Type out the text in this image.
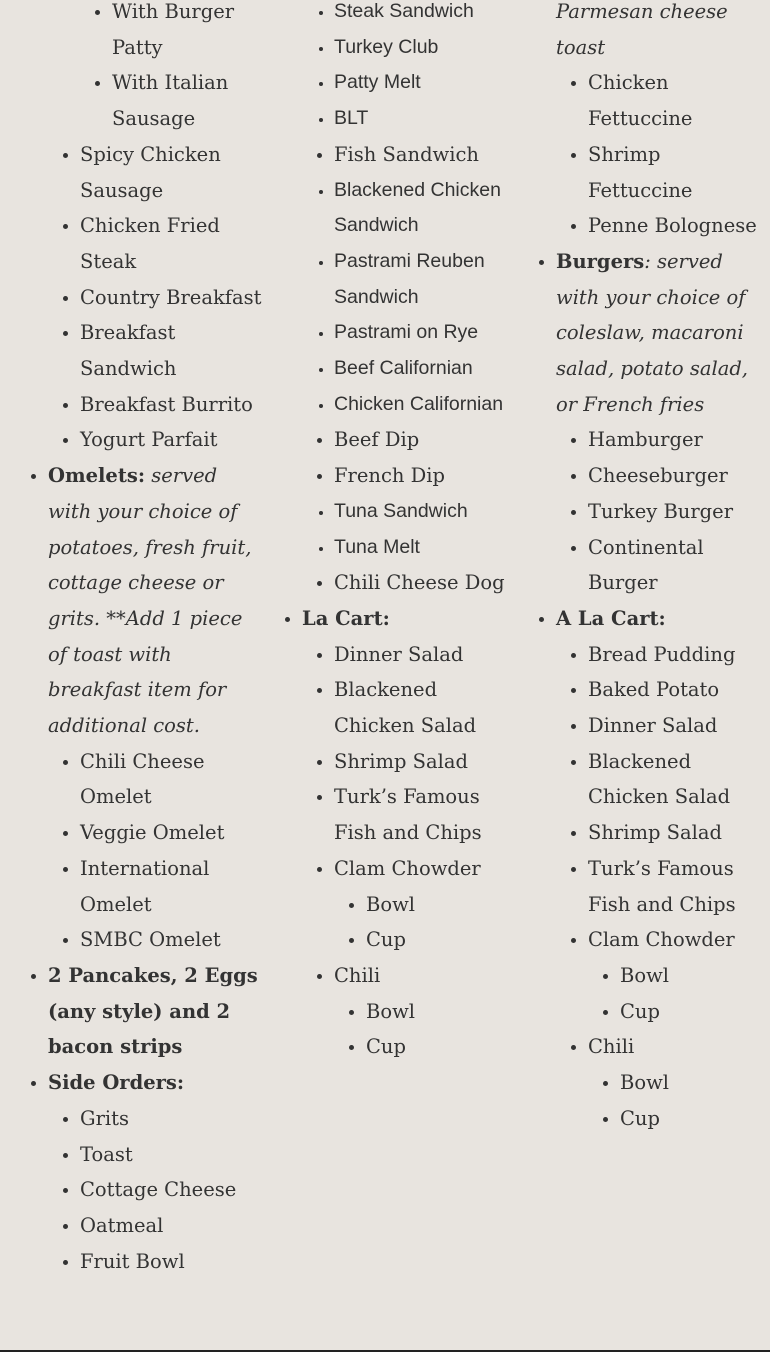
• With Burger Patty
• With Italian Sausage
• Spicy Chicken Sausage
• Chicken Fried Steak
• Country Breakfast
• Breakfast Sandwich
• Breakfast Burrito
• Yogurt Parfait
• Omelets: served with your choice of potatoes, fresh fruit, cottage cheese or grits. **Add 1 piece of toast with breakfast item for additional cost.
• Chili Cheese Omelet
• Veggie Omelet
• International Omelet
• SMBC Omelet
• 2 Pancakes, 2 Eggs (any style) and 2 bacon strips
• Side Orders:
• Grits
• Toast
• Cottage Cheese
• Oatmeal
• Fruit Bowl
• Steak Sandwich
• Turkey Club
• Patty Melt
• BLT
• Fish Sandwich
• Blackened Chicken Sandwich
• Pastrami Reuben Sandwich
• Pastrami on Rye
• Beef Californian
• Chicken Californian
• Beef Dip
• French Dip
• Tuna Sandwich
• Tuna Melt
• Chili Cheese Dog
• La Cart:
• Dinner Salad
• Blackened Chicken Salad
• Shrimp Salad
• Turk’s Famous Fish and Chips
• Clam Chowder
• Bowl
• Cup
• Chili
• Bowl
• Cup

Parmesan cheese toast

• Chicken Fettuccine
• Shrimp Fettuccine
• Penne Bolognese
• Burgers: served with your choice of coleslaw, macaroni salad, potato salad, or French fries
• Hamburger
• Cheeseburger
• Turkey Burger
• Continental Burger
• A La Cart:
• Bread Pudding
• Baked Potato
• Dinner Salad
• Blackened Chicken Salad
• Shrimp Salad
• Turk’s Famous Fish and Chips
• Clam Chowder
• Bowl
• Cup
• Chili
• Bowl
• Cup
